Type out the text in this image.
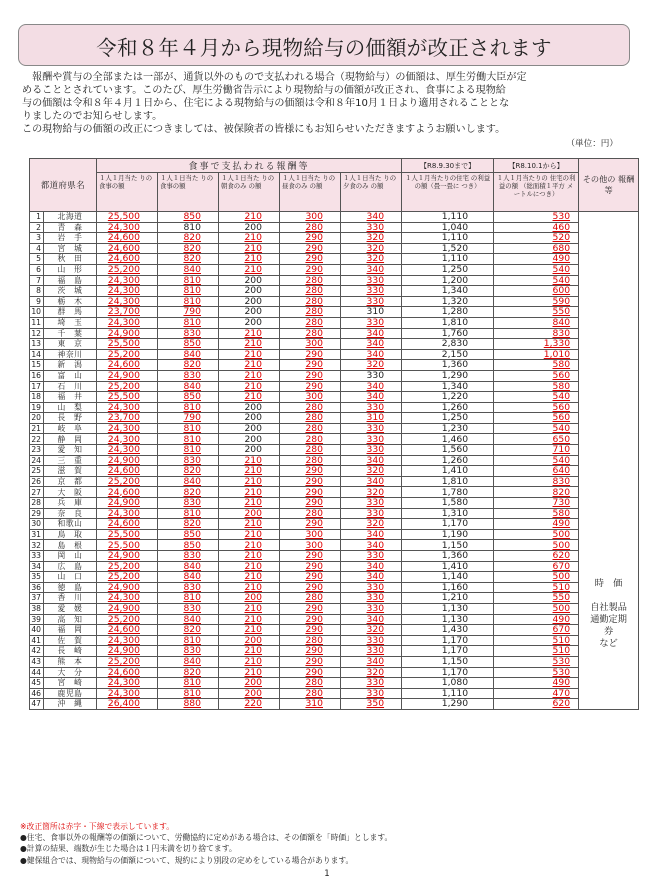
令和８年４月から現物給与の価額が改正されます
報酬や賞与の全部または一部が、通貨以外のもので支払われる場合（現物給与）の価額は、厚生労働大臣が定
めることとされています。このたび、厚生労働省告示により現物給与の価額が改正され、食事による現物給
与の価額は令和８年４月１日から、住宅による現物給与の価額は令和８年10月１日より適用されることとな
りましたのでお知らせします。
この現物給与の価額の改正につきましては、被保険者の皆様にもお知らせいただきますようお願いします。
（単位：円）
都道府県名		食事で支払われる報酬等					【R8.9.30まで】	【R8.10.1から】	その他の 報酬等
		１人１月当た りの食事の額	１人１日当た りの食事の額	１人１日当た りの朝食のみ の額	１人１日当た りの昼食のみ の額	１人１日当た りの夕食のみ の額	１人１月当たりの住宅 の利益の額（畳一畳に つき）	１人１月当たりの 住宅の利益の額 （総面積１平方 メートルにつき）	
1	北海道	25,500	850	210	300	340	1,110	530	時　価
自社製品
通勤定期
券
など

2	青　森	24,300	810	200	280	330	1,040	460	
3	岩　手	24,600	820	210	290	320	1,110	520	
4	宮　城	24,600	820	210	290	320	1,520	680	
5	秋　田	24,600	820	210	290	320	1,110	490	
6	山　形	25,200	840	210	290	340	1,250	540	
7	福　島	24,300	810	200	280	330	1,200	540	
8	茨　城	24,300	810	200	280	330	1,340	600	
9	栃　木	24,300	810	200	280	330	1,320	590	
10	群　馬	23,700	790	200	280	310	1,280	550	
11	埼　玉	24,300	810	200	280	330	1,810	840	
12	千　葉	24,900	830	210	280	340	1,760	830	
13	東　京	25,500	850	210	300	340	2,830	1,330	
14	神奈川	25,200	840	210	290	340	2,150	1,010	
15	新　潟	24,600	820	210	290	320	1,360	580	
16	富　山	24,900	830	210	290	330	1,290	560	
17	石　川	25,200	840	210	290	340	1,340	580	
18	福　井	25,500	850	210	300	340	1,220	540	
19	山　梨	24,300	810	200	280	330	1,260	560	
20	長　野	23,700	790	200	280	310	1,250	560	
21	岐　阜	24,300	810	200	280	330	1,230	540	
22	静　岡	24,300	810	200	280	330	1,460	650	
23	愛　知	24,300	810	200	280	330	1,560	710	
24	三　重	24,900	830	210	280	340	1,260	540	
25	滋　賀	24,600	820	210	290	320	1,410	640	
26	京　都	25,200	840	210	290	340	1,810	830	
27	大　阪	24,600	820	210	290	320	1,780	820	
28	兵　庫	24,900	830	210	290	330	1,580	730	
29	奈　良	24,300	810	200	280	330	1,310	580	
30	和歌山	24,600	820	210	290	320	1,170	490	
31	鳥　取	25,500	850	210	300	340	1,190	500	
32	島　根	25,500	850	210	300	340	1,150	500	
33	岡　山	24,900	830	210	290	330	1,360	620	
34	広　島	25,200	840	210	290	340	1,410	670	
35	山　口	25,200	840	210	290	340	1,140	500	
36	徳　島	24,900	830	210	290	330	1,160	510	
37	香　川	24,300	810	200	280	330	1,210	550	
38	愛　媛	24,900	830	210	290	330	1,130	500	
39	高　知	25,200	840	210	290	340	1,130	490	
40	福　岡	24,600	820	210	290	320	1,430	670	
41	佐　賀	24,300	810	200	280	330	1,170	510	
42	長　崎	24,900	830	210	290	330	1,170	510	
43	熊　本	25,200	840	210	290	340	1,150	530	
44	大　分	24,600	820	210	290	320	1,170	530	
45	宮　崎	24,300	810	200	280	330	1,080	490	
46	鹿児島	24,300	810	200	280	330	1,110	470	
47	沖　縄	26,400	880	220	310	350	1,290	620	
※改正箇所は赤字・下線で表示しています。
●住宅、食事以外の報酬等の価額について、労働協約に定めがある場合は、その価額を「時価」とします。
●計算の結果、端数が生じた場合は１円未満を切り捨てます。
●健保組合では、現物給与の価額について、規約により別段の定めをしている場合があります。
1
